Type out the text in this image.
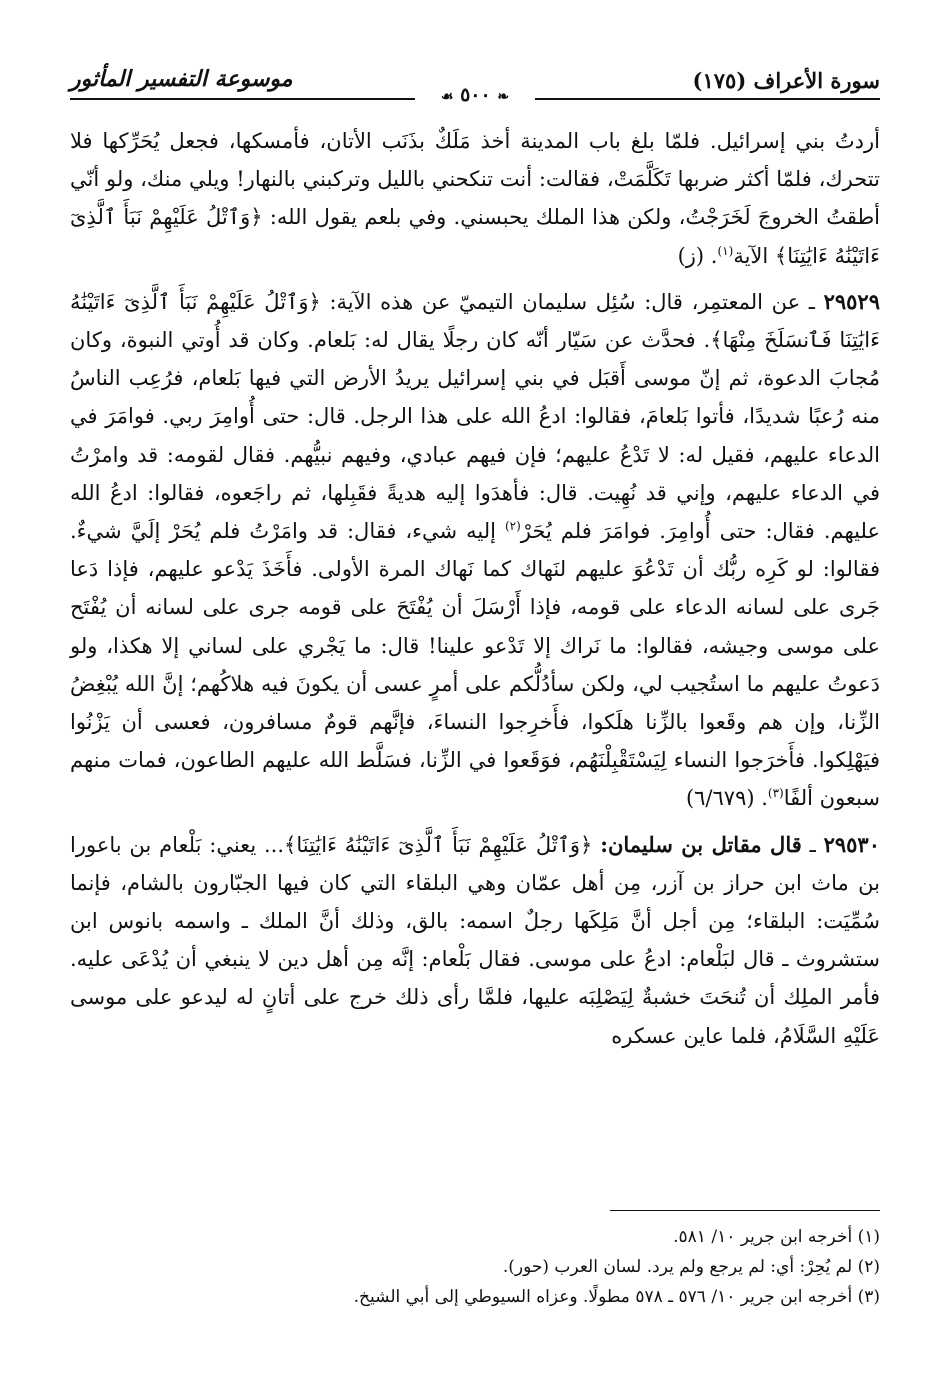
سورة الأعراف (١٧٥)
موسوعة التفسير المأثور
❧ ٥٠٠ ☙

أردتُ بني إسرائيل. فلمّا بلغ باب المدينة أخذ مَلَكٌ بذَنَب الأتان، فأمسكها، فجعل يُحَرِّكها فلا تتحرك، فلمّا أكثر ضربها تَكَلَّمَتْ، فقالت: أنت تنكحني بالليل وتركبني بالنهار! ويلي منك، ولو أنّي أطقتُ الخروجَ لَخَرَجْتُ، ولكن هذا الملك يحبسني. وفي بلعم يقول الله: ﴿وَٱتْلُ عَلَيْهِمْ نَبَأَ ٱلَّذِىٓ ءَاتَيْنَٰهُ ءَايَٰتِنَا﴾ الآية$^{(١)}$. (ز)

٢٩٥٢٩ ـ عن المعتمِر، قال: سُئِل سليمان التيميّ عن هذه الآية: ﴿وَٱتْلُ عَلَيْهِمْ نَبَأَ ٱلَّذِىٓ ءَاتَيْنَٰهُ ءَايَٰتِنَا فَٱنسَلَخَ مِنْهَا﴾. فحدَّث عن سَيّار أنّه كان رجلًا يقال له: بَلعام. وكان قد أُوتي النبوة، وكان مُجابَ الدعوة، ثم إنّ موسى أَقبَل في بني إسرائيل يريدُ الأرض التي فيها بَلعام، فرُعِب الناسُ منه رُعبًا شديدًا، فأتوا بَلعامَ، فقالوا: ادعُ الله على هذا الرجل. قال: حتى أُوامِرَ ربي. فوامَرَ في الدعاء عليهم، فقيل له: لا تَدْعُ عليهم؛ فإن فيهم عبادي، وفيهم نبيُّهم. فقال لقومه: قد وامرْتُ في الدعاء عليهم، وإني قد نُهِيت. قال: فأهدَوا إليه هديةً فقَبِلها، ثم راجَعوه، فقالوا: ادعُ الله عليهم. فقال: حتى أُوامِرَ. فوامَرَ فلم يُحَرْ$^{(٢)}$ إليه شيء، فقال: قد وامَرْتُ فلم يُحَرْ إلَيَّ شيءٌ. فقالوا: لو كَرِه ربُّك أن تَدْعُوَ عليهم لنَهاك كما نَهاك المرة الأولى. فأَخَذَ يَدْعو عليهم، فإذا دَعا جَرى على لسانه الدعاء على قومه، فإذا أَرْسَلَ أن يُفْتَحَ على قومه جرى على لسانه أن يُفْتَح على موسى وجيشه، فقالوا: ما نَراك إلا تَدْعو علينا! قال: ما يَجْري على لساني إلا هكذا، ولو دَعوتُ عليهم ما استُجيب لي، ولكن سأدُلُّكم على أمرٍ عسى أن يكونَ فيه هلاكُهم؛ إنَّ الله يُبْغِضُ الزِّنا، وإن هم وقَعوا بالزِّنا هلَكوا، فأَخرِجوا النساءَ، فإنَّهم قومٌ مسافرون، فعسى أن يَزْنُوا فيَهْلِكوا. فأَخرَجوا النساء لِيَسْتَقْبِلْنَهُم، فوَقَعوا في الزِّنا، فسَلَّط الله عليهم الطاعون، فمات منهم سبعون ألفًا$^{(٣)}$. (٦/٦٧٩)

٢٩٥٣٠ ـ قال مقاتل بن سليمان: ﴿وَٱتْلُ عَلَيْهِمْ نَبَأَ ٱلَّذِىٓ ءَاتَيْنَٰهُ ءَايَٰتِنَا﴾... يعني: بَلْعام بن باعورا بن ماث ابن حراز بن آزر، مِن أهل عمّان وهي البلقاء التي كان فيها الجبّارون بالشام، فإنما سُمِّيَت: البلقاء؛ مِن أجل أنَّ مَلِكَها رجلٌ اسمه: بالق، وذلك أنَّ الملك ـ واسمه بانوس ابن ستشروث ـ قال لبَلْعام: ادعُ على موسى. فقال بَلْعام: إنَّه مِن أهل دين لا ينبغي أن يُدْعَى عليه. فأمر الملِك أن تُنحَتَ خشبةٌ لِيَصْلِبَه عليها، فلمَّا رأى ذلك خرج على أتانٍ له ليدعو على موسى عَلَيْهِ السَّلَامُ، فلما عاين عسكره

(١) أخرجه ابن جرير ١٠/ ٥٨١.
(٢) لم يُحِرْ: أي: لم يرجع ولم يرد. لسان العرب (حور).
(٣) أخرجه ابن جرير ١٠/ ٥٧٦ ـ ٥٧٨ مطولًا. وعزاه السيوطي إلى أبي الشيخ.
